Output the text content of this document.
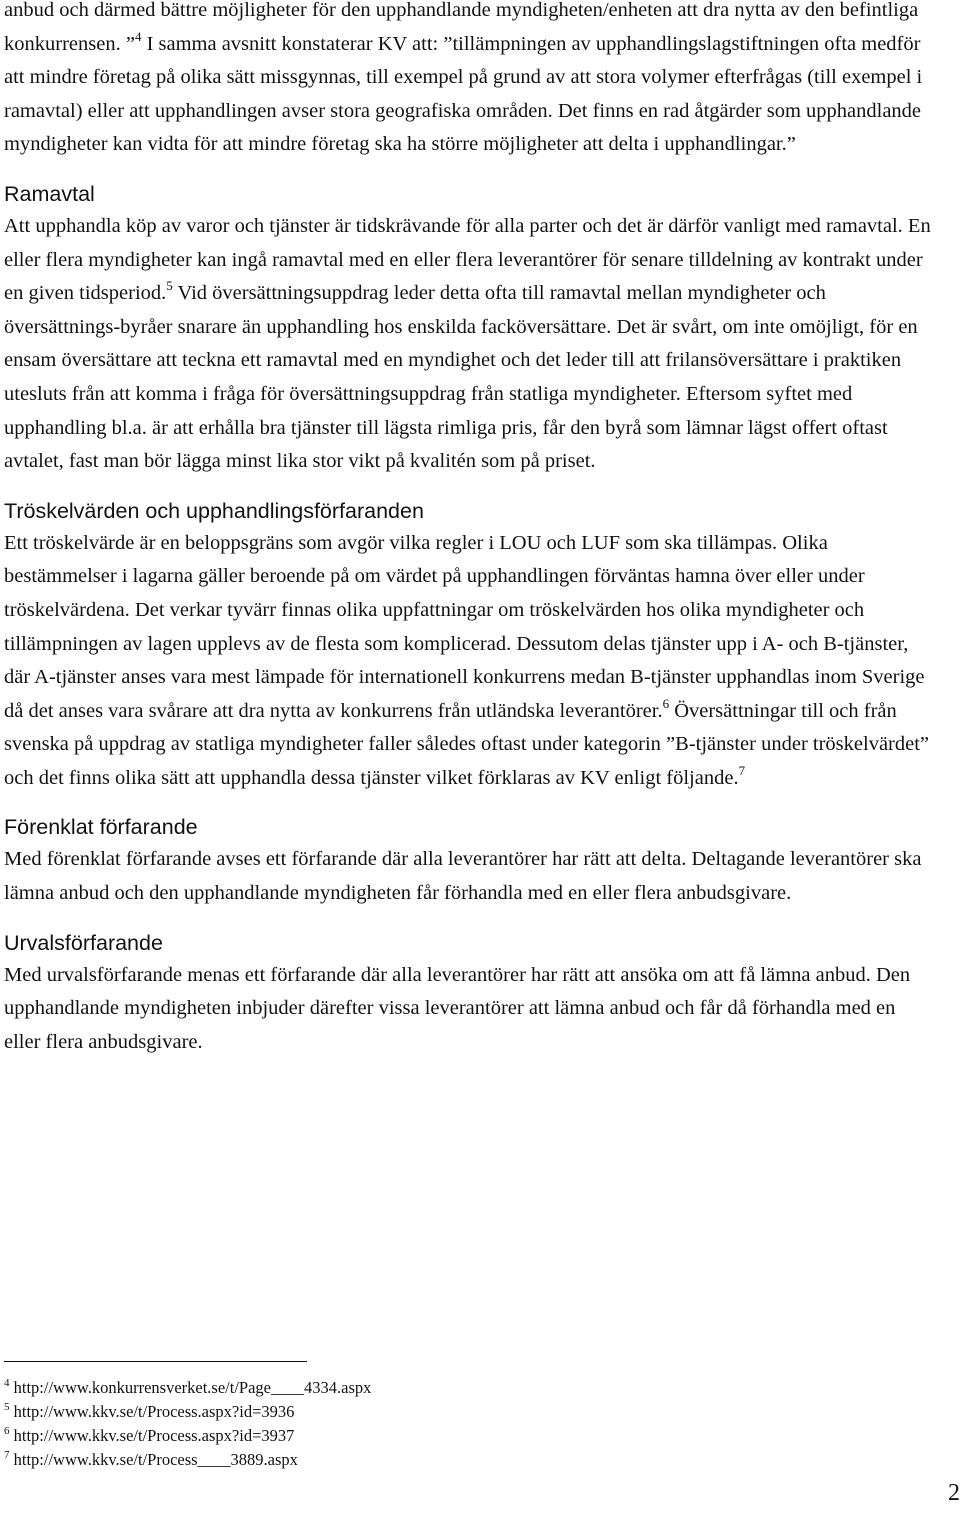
anbud och därmed bättre möjligheter för den upphandlande myndigheten/enheten att dra nytta av den befintliga konkurrensen. ”$^4$ I samma avsnitt konstaterar KV att: ”tillämpningen av upphandlingslagstiftningen ofta medför att mindre företag på olika sätt missgynnas, till exempel på grund av att stora volymer efterfrågas (till exempel i ramavtal) eller att upphandlingen avser stora geografiska områden. Det finns en rad åtgärder som upphandlande myndigheter kan vidta för att mindre företag ska ha större möjligheter att delta i upphandlingar.”

Ramavtal

Att upphandla köp av varor och tjänster är tidskrävande för alla parter och det är därför vanligt med ramavtal. En eller flera myndigheter kan ingå ramavtal med en eller flera leverantörer för senare tilldelning av kontrakt under en given tidsperiod.$^5$ Vid översättningsuppdrag leder detta ofta till ramavtal mellan myndigheter och översättnings-byråer snarare än upphandling hos enskilda facköversättare. Det är svårt, om inte omöjligt, för en ensam översättare att teckna ett ramavtal med en myndighet och det leder till att frilansöversättare i praktiken utesluts från att komma i fråga för översättningsuppdrag från statliga myndigheter. Eftersom syftet med upphandling bl.a. är att erhålla bra tjänster till lägsta rimliga pris, får den byrå som lämnar lägst offert oftast avtalet, fast man bör lägga minst lika stor vikt på kvalitén som på priset.

Tröskelvärden och upphandlingsförfaranden

Ett tröskelvärde är en beloppsgräns som avgör vilka regler i LOU och LUF som ska tillämpas. Olika bestämmelser i lagarna gäller beroende på om värdet på upphandlingen förväntas hamna över eller under tröskelvärdena. Det verkar tyvärr finnas olika uppfattningar om tröskelvärden hos olika myndigheter och tillämpningen av lagen upplevs av de flesta som komplicerad. Dessutom delas tjänster upp i A- och B-tjänster, där A-tjänster anses vara mest lämpade för internationell konkurrens medan B-tjänster upphandlas inom Sverige då det anses vara svårare att dra nytta av konkurrens från utländska leverantörer.$^6$ Översättningar till och från svenska på uppdrag av statliga myndigheter faller således oftast under kategorin ”B-tjänster under tröskelvärdet” och det finns olika sätt att upphandla dessa tjänster vilket förklaras av KV enligt följande.$^7$

Förenklat förfarande

Med förenklat förfarande avses ett förfarande där alla leverantörer har rätt att delta. Deltagande leverantörer ska lämna anbud och den upphandlande myndigheten får förhandla med en eller flera anbudsgivare.

Urvalsförfarande

Med urvalsförfarande menas ett förfarande där alla leverantörer har rätt att ansöka om att få lämna anbud. Den upphandlande myndigheten inbjuder därefter vissa leverantörer att lämna anbud och får då förhandla med en eller flera anbudsgivare.

$^4$ http://www.konkurrensverket.se/t/Page____4334.aspx
$^5$ http://www.kkv.se/t/Process.aspx?id=3936
$^6$ http://www.kkv.se/t/Process.aspx?id=3937
$^7$ http://www.kkv.se/t/Process____3889.aspx
2
